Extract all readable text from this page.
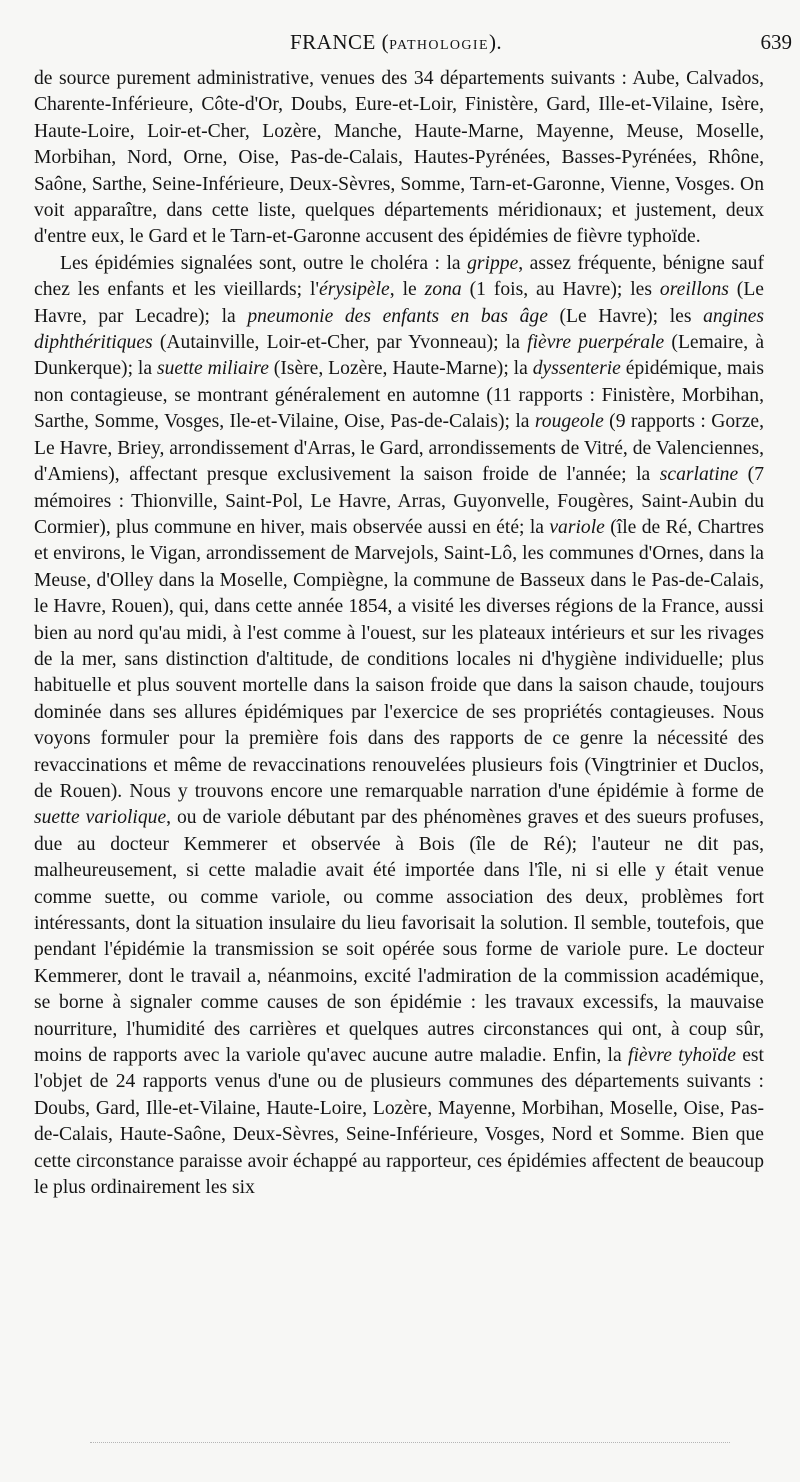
FRANCE (PATHOLOGIE).	639

de source purement administrative, venues des 34 départements suivants : Aube, Calvados, Charente-Inférieure, Côte-d'Or, Doubs, Eure-et-Loir, Finistère, Gard, Ille-et-Vilaine, Isère, Haute-Loire, Loir-et-Cher, Lozère, Manche, Haute-Marne, Mayenne, Meuse, Moselle, Morbihan, Nord, Orne, Oise, Pas-de-Calais, Hautes-Pyrénées, Basses-Pyrénées, Rhône, Saône, Sarthe, Seine-Inférieure, Deux-Sèvres, Somme, Tarn-et-Garonne, Vienne, Vosges. On voit apparaître, dans cette liste, quelques départements méridionaux; et justement, deux d'entre eux, le Gard et le Tarn-et-Garonne accusent des épidémies de fièvre typhoïde.

Les épidémies signalées sont, outre le choléra : la grippe, assez fréquente, bénigne sauf chez les enfants et les vieillards; l'érysipèle, le zona (1 fois, au Havre); les oreillons (Le Havre, par Lecadre); la pneumonie des enfants en bas âge (Le Havre); les angines diphthéritiques (Autainville, Loir-et-Cher, par Yvonneau); la fièvre puerpérale (Lemaire, à Dunkerque); la suette miliaire (Isère, Lozère, Haute-Marne); la dyssenterie épidémique, mais non contagieuse, se montrant généralement en automne (11 rapports : Finistère, Morbihan, Sarthe, Somme, Vosges, Ile-et-Vilaine, Oise, Pas-de-Calais); la rougeole (9 rapports : Gorze, Le Havre, Briey, arrondissement d'Arras, le Gard, arrondissements de Vitré, de Valenciennes, d'Amiens), affectant presque exclusivement la saison froide de l'année; la scarlatine (7 mémoires : Thionville, Saint-Pol, Le Havre, Arras, Guyonvelle, Fougères, Saint-Aubin du Cormier), plus commune en hiver, mais observée aussi en été; la variole (île de Ré, Chartres et environs, le Vigan, arrondissement de Marvejols, Saint-Lô, les communes d'Ornes, dans la Meuse, d'Olley dans la Moselle, Compiègne, la commune de Basseux dans le Pas-de-Calais, le Havre, Rouen), qui, dans cette année 1854, a visité les diverses régions de la France, aussi bien au nord qu'au midi, à l'est comme à l'ouest, sur les plateaux intérieurs et sur les rivages de la mer, sans distinction d'altitude, de conditions locales ni d'hygiène individuelle; plus habituelle et plus souvent mortelle dans la saison froide que dans la saison chaude, toujours dominée dans ses allures épidémiques par l'exercice de ses propriétés contagieuses. Nous voyons formuler pour la première fois dans des rapports de ce genre la nécessité des revaccinations et même de revaccinations renouvelées plusieurs fois (Vingtrinier et Duclos, de Rouen). Nous y trouvons encore une remarquable narration d'une épidémie à forme de suette variolique, ou de variole débutant par des phénomènes graves et des sueurs profuses, due au docteur Kemmerer et observée à Bois (île de Ré); l'auteur ne dit pas, malheureusement, si cette maladie avait été importée dans l'île, ni si elle y était venue comme suette, ou comme variole, ou comme association des deux, problèmes fort intéressants, dont la situation insulaire du lieu favorisait la solution. Il semble, toutefois, que pendant l'épidémie la transmission se soit opérée sous forme de variole pure. Le docteur Kemmerer, dont le travail a, néanmoins, excité l'admiration de la commission académique, se borne à signaler comme causes de son épidémie : les travaux excessifs, la mauvaise nourriture, l'humidité des carrières et quelques autres circonstances qui ont, à coup sûr, moins de rapports avec la variole qu'avec aucune autre maladie. Enfin, la fièvre tyhoïde est l'objet de 24 rapports venus d'une ou de plusieurs communes des départements suivants : Doubs, Gard, Ille-et-Vilaine, Haute-Loire, Lozère, Mayenne, Morbihan, Moselle, Oise, Pas-de-Calais, Haute-Saône, Deux-Sèvres, Seine-Inférieure, Vosges, Nord et Somme. Bien que cette circonstance paraisse avoir échappé au rapporteur, ces épidémies affectent de beaucoup le plus ordinairement les six
